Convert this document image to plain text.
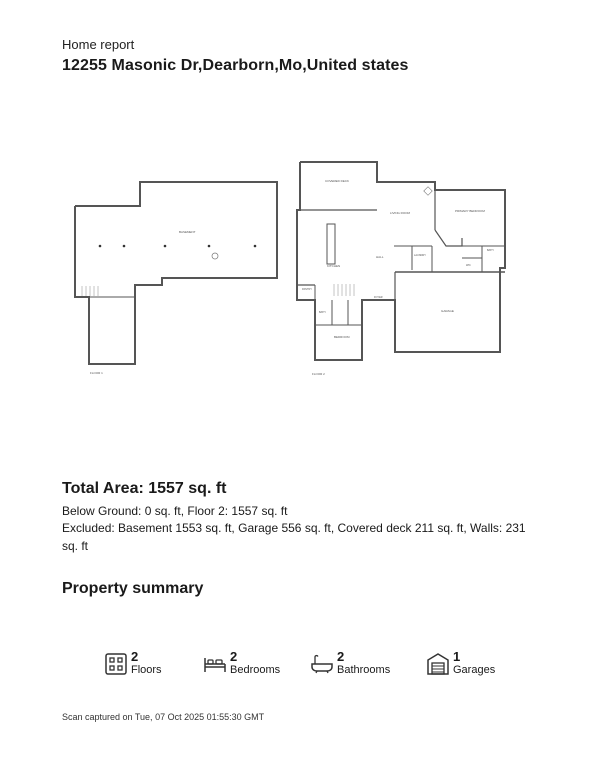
Home report
12255 Masonic Dr,Dearborn,Mo,United states
BASEMENT
FLOOR 1
COVERED DECK
LIVING ROOM	PRIMARY BEDROOM
KITCHEN
HALL	LAUNDRY
WIC
BATH
PANTRY
FOYER
GARAGE
BEDROOM
BATH
FLOOR 2
Total Area: 1557 sq. ft
Below Ground: 0 sq. ft, Floor 2: 1557 sq. ft
Excluded: Basement 1553 sq. ft, Garage 556 sq. ft, Covered deck 211 sq. ft, Walls: 231 sq. ft
Property summary
2
Floors
2
Bedrooms
2
Bathrooms
1
Garages
Scan captured on Tue, 07 Oct 2025 01:55:30 GMT
